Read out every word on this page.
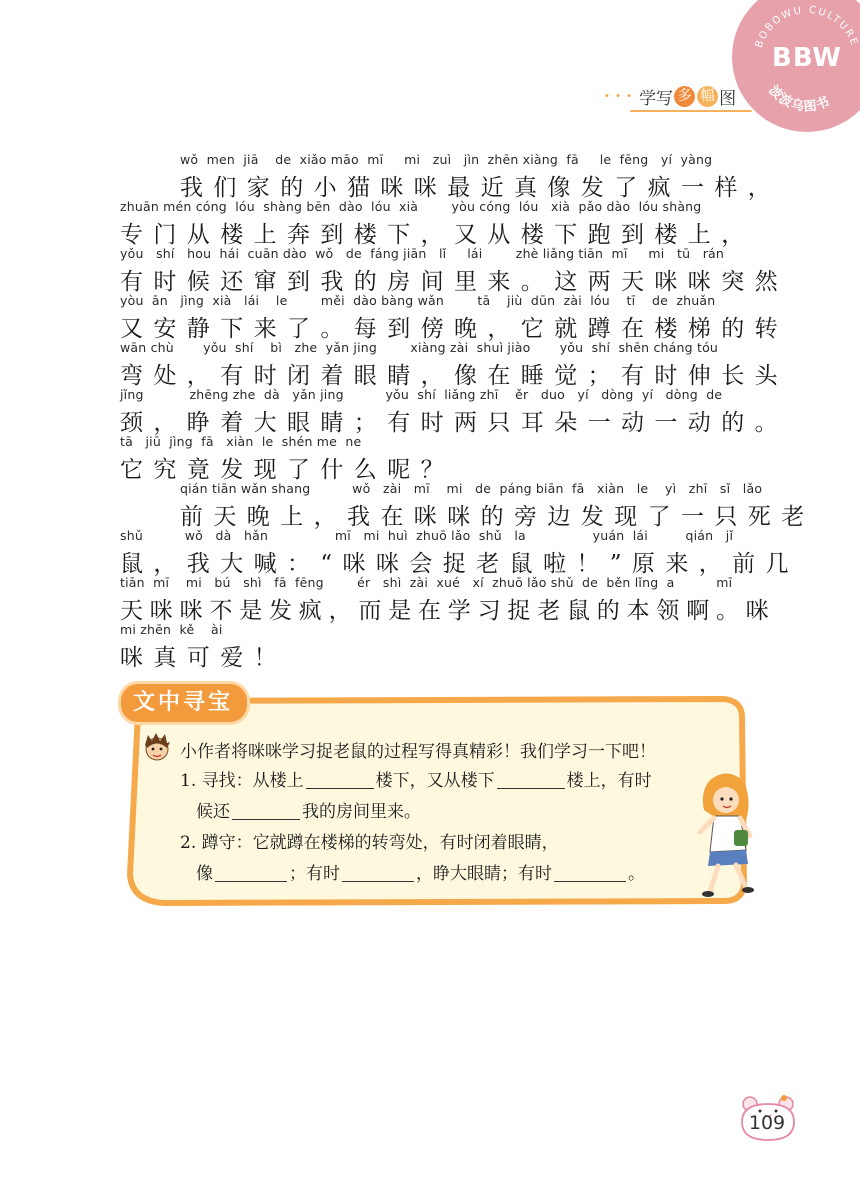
BOBOWU CULTURE
BBW
波波乌图书
• • • 学写 多 幅 图
wǒ  men  jiā    de  xiǎo māo  mī     mi   zuì   jìn  zhēn xiàng  fā     le  fēng   yí  yàng
我们家的小猫咪咪最近真像发了疯一样，
zhuān mén cóng  lóu  shàng bēn  dào  lóu  xià        yòu cóng  lóu   xià  pǎo dào  lóu shàng
专门从楼上奔到楼下，又从楼下跑到楼上，
yǒu   shí   hou  hái  cuān dào  wǒ   de  fáng jiān   lǐ     lái        zhè liǎng tiān  mī     mi   tū   rán
有时候还窜到我的房间里来。这两天咪咪突然
yòu  ān   jìng  xià   lái    le        měi  dào bàng wǎn        tā    jiù  dūn  zài  lóu    tī    de  zhuǎn
又安静下来了。每到傍晚，它就蹲在楼梯的转
wān chù       yǒu  shí    bì   zhe  yǎn jing        xiàng zài  shuì jiào       yǒu  shí  shēn cháng tóu
弯处，有时闭着眼睛，像在睡觉；有时伸长头
jǐng           zhēng zhe  dà   yǎn jing          yǒu  shí  liǎng zhī    ěr   duo   yí   dòng  yí   dòng  de
颈，睁着大眼睛；有时两只耳朵一动一动的。
tā   jiū  jìng  fā   xiàn  le  shén me  ne
它究竟发现了什么呢？
qián tiān wǎn shang          wǒ   zài   mī    mi   de  páng biān  fā   xiàn   le    yì   zhī   sǐ   lǎo
前天晚上，我在咪咪的旁边发现了一只死老
shǔ          wǒ   dà   hǎn                mī   mi  huì  zhuō lǎo  shǔ   la                yuán  lái         qián   jǐ
鼠，我大喊：“咪咪会捉老鼠啦！”原来，前几
tiān  mī    mi   bú   shì   fā  fēng        ér   shì  zài  xué   xí  zhuō lǎo shǔ  de  běn lǐng  a          mī
天咪咪不是发疯，而是在学习捉老鼠的本领啊。咪
mi zhēn  kě    ài
咪真可爱！
文中寻宝
小作者将咪咪学习捉老鼠的过程写得真精彩！我们学习一下吧！
1. 寻找：从楼上	楼下，又从楼下	楼上，有时
候还	我的房间里来。
2. 蹲守：它就蹲在楼梯的转弯处，有时闭着眼睛，
像	；有时	，睁大眼睛；有时	。
109
